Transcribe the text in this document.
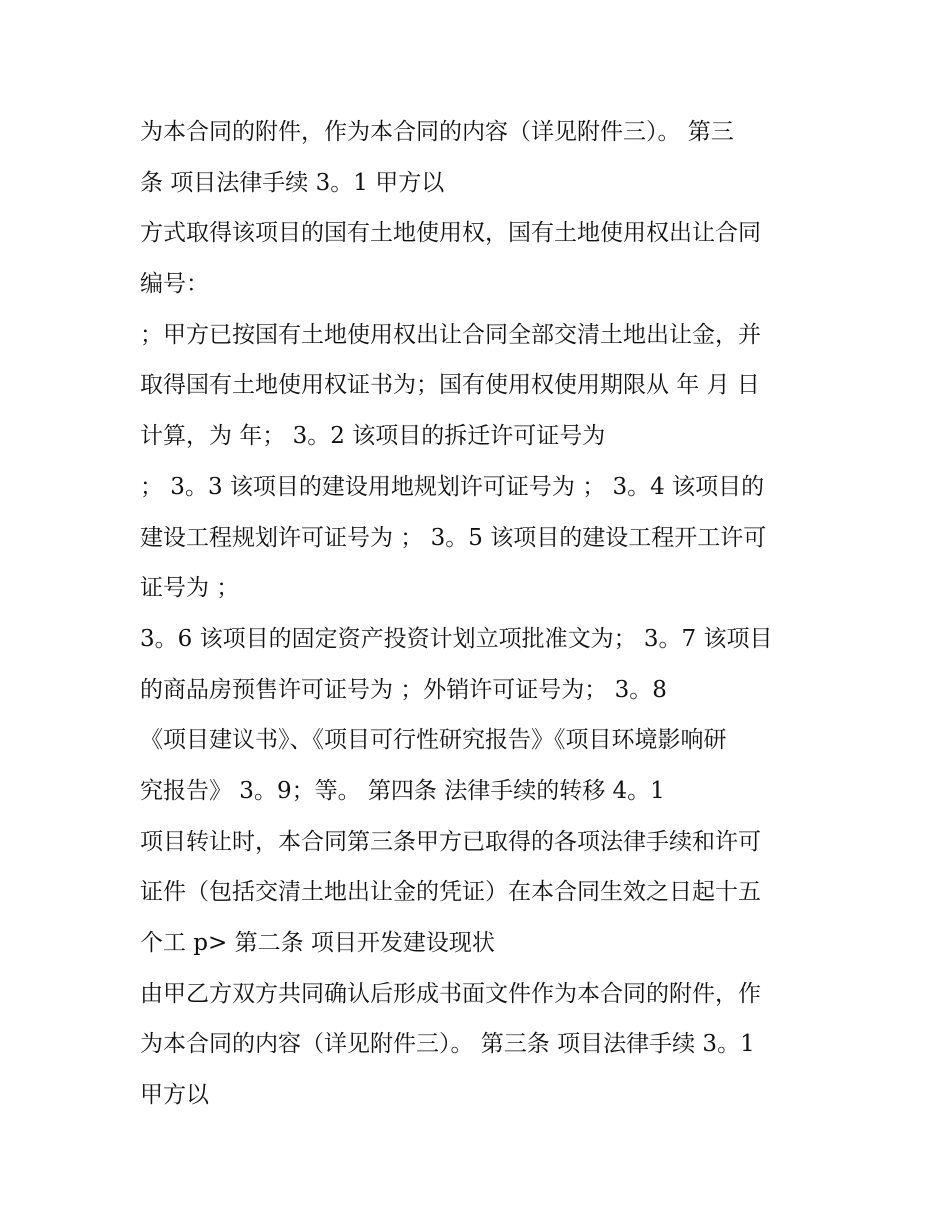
为本合同的附件，作为本合同的内容（详见附件三）。 第三
条 项目法律手续 3。1 甲方以
方式取得该项目的国有土地使用权，国有土地使用权出让合同
编号：
；甲方已按国有土地使用权出让合同全部交清土地出让金，并
取得国有土地使用权证书为；国有使用权使用期限从 年 月 日
计算，为 年； 3。2 该项目的拆迁许可证号为
； 3。3 该项目的建设用地规划许可证号为 ； 3。4 该项目的
建设工程规划许可证号为 ； 3。5 该项目的建设工程开工许可
证号为 ；
3。6 该项目的固定资产投资计划立项批准文为； 3。7 该项目
的商品房预售许可证号为 ；外销许可证号为； 3。8
《项目建议书》、《项目可行性研究报告》《项目环境影响研
究报告》 3。9；等。 第四条 法律手续的转移 4。1
项目转让时，本合同第三条甲方已取得的各项法律手续和许可
证件（包括交清土地出让金的凭证）在本合同生效之日起十五
个工 p> 第二条 项目开发建设现状
由甲乙方双方共同确认后形成书面文件作为本合同的附件，作
为本合同的内容（详见附件三）。 第三条 项目法律手续 3。1
甲方以
